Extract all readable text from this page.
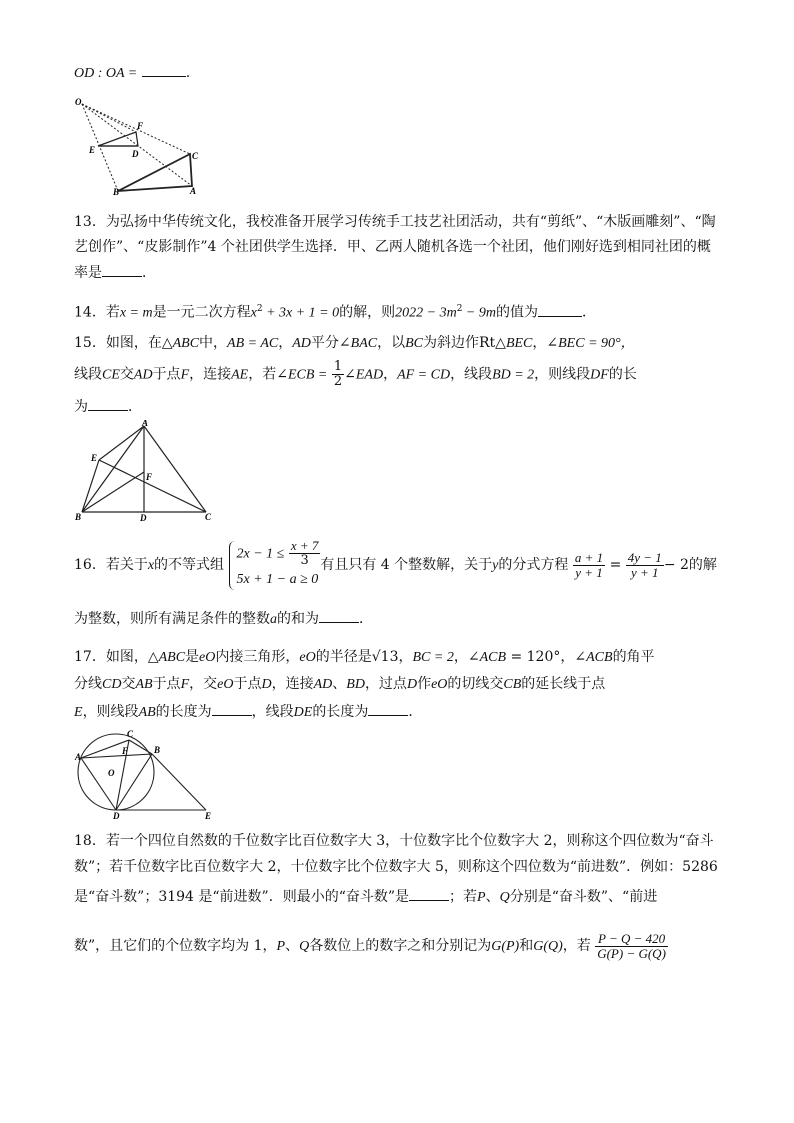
OD : OA =	.
O
F
E	D	C
B	A
13．为弘扬中华传统文化，我校准备开展学习传统手工技艺社团活动，共有“剪纸”、“木版画雕刻”、“陶
艺创作”、“皮影制作”4 个社团供学生选择．甲、乙两人随机各选一个社团，他们刚好选到相同社团的概
率是	．
14．若x = m是一元二次方程$x^2 + 3x + 1 = 0$的解，则$2022 - 3m^2 - 9m$的值为	．
15．如图，在△ABC中，AB = AC，AD平分∠BAC，以BC为斜边作Rt△BEC，∠BEC = 90°，
线段CE交AD于点F，连接AE，若∠ECB = $\frac{1}{2}$ ∠EAD，AF = CD，线段BD = 2，则线段DF的长
为	．
A
E
F
B	D	C
16．若关于x的不等式组
$2x - 1 \le \frac{x + 7}{3}$
5x + 1 − a ≥ 0
有且只有 4 个整数解，关于y的分式方程 $\frac{a + 1}{y + 1} = \frac{4y - 1}{y + 1} - 2$的解
为整数，则所有满足条件的整数a的和为	．
17．如图，△ABC是eO内接三角形，eO的半径是√13，BC = 2，∠ACB = 120°，∠ACB的角平
分线CD交AB于点F，交eO于点D，连接AD、BD，过点D作eO的切线交CB的延长线于点
E，则线段AB的长度为	，线段DE的长度为	．
C
A
F	B
O
D	E
18．若一个四位自然数的千位数字比百位数字大 3，十位数字比个位数字大 2，则称这个四位数为“奋斗
数”；若千位数字比百位数字大 2，十位数字比个位数字大 5，则称这个四位数为“前进数”．例如：5286
是“奋斗数”；3194 是“前进数”．则最小的“奋斗数”是	；若P、Q分别是“奋斗数”、“前进
数”，且它们的个位数字均为 1，P、Q各数位上的数字之和分别记为G(P)和G(Q)，若 $\frac{P - Q - 420}{G(P) - G(Q)}$
